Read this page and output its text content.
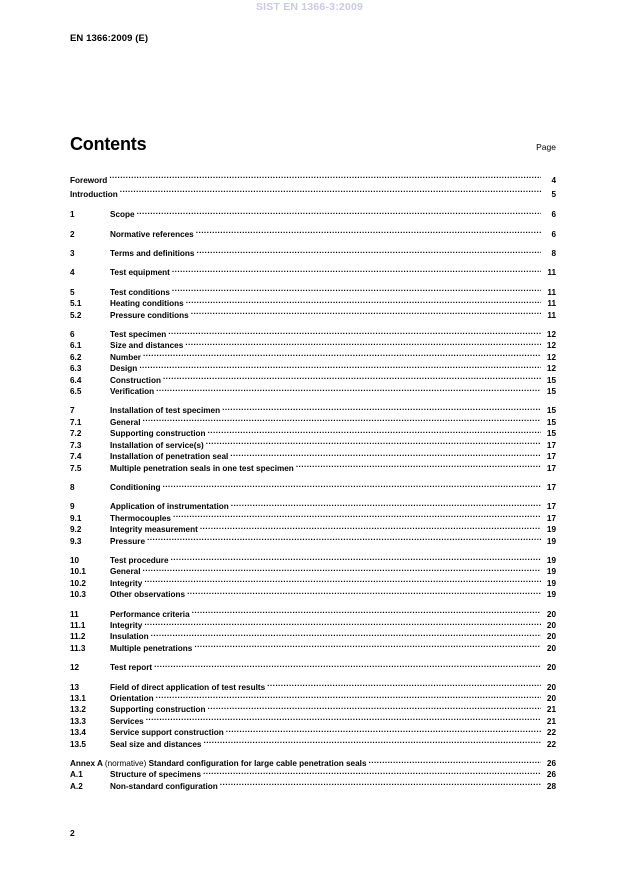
SIST EN 1366-3:2009
EN 1366:2009 (E)
Contents	Page
Foreword .....	4
Introduction .....	5
1	Scope .....	6
2	Normative references .....	6
3	Terms and definitions .....	8
4	Test equipment .....	11
5	Test conditions .....	11
5.1	Heating conditions .....	11
5.2	Pressure conditions .....	11
6	Test specimen .....	12
6.1	Size and distances .....	12
6.2	Number .....	12
6.3	Design .....	12
6.4	Construction .....	15
6.5	Verification .....	15
7	Installation of test specimen .....	15
7.1	General .....	15
7.2	Supporting construction .....	15
7.3	Installation of service(s) .....	17
7.4	Installation of penetration seal .....	17
7.5	Multiple penetration seals in one test specimen .....	17
8	Conditioning .....	17
9	Application of instrumentation .....	17
9.1	Thermocouples .....	17
9.2	Integrity measurement .....	19
9.3	Pressure .....	19
10	Test procedure .....	19
10.1	General .....	19
10.2	Integrity .....	19
10.3	Other observations .....	19
11	Performance criteria .....	20
11.1	Integrity .....	20
11.2	Insulation .....	20
11.3	Multiple penetrations .....	20
12	Test report .....	20
13	Field of direct application of test results .....	20
13.1	Orientation .....	20
13.2	Supporting construction .....	21
13.3	Services .....	21
13.4	Service support construction .....	22
13.5	Seal size and distances .....	22
Annex A (normative) Standard configuration for large cable penetration seals .....	26
A.1	Structure of specimens .....	26
A.2	Non-standard configuration .....	28
2
